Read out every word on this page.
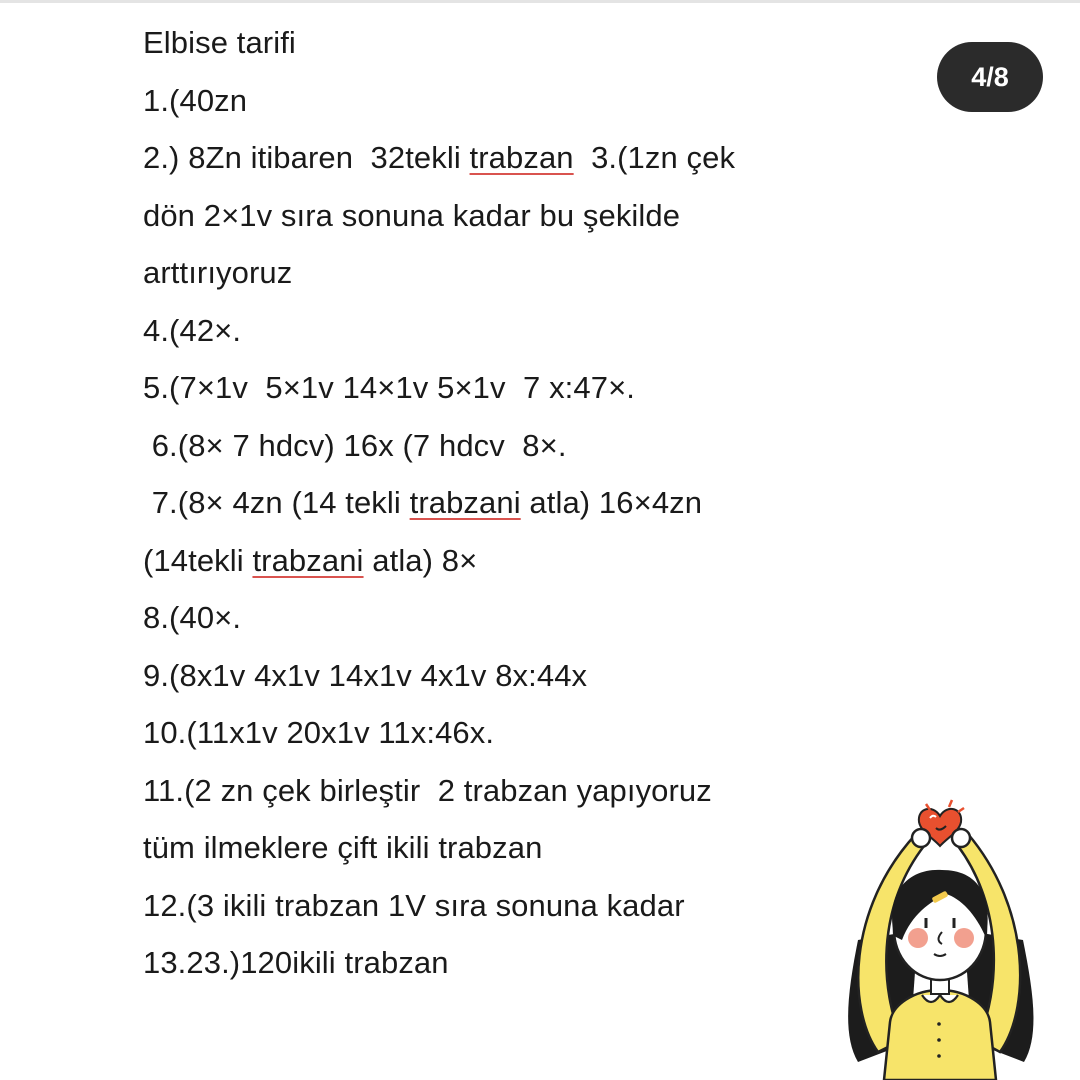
Elbise tarifi
1.(40zn
2.) 8Zn itibaren  32tekli trabzan  3.(1zn çek
dön 2×1v sıra sonuna kadar bu şekilde
arttırıyoruz
4.(42×.
5.(7×1v  5×1v 14×1v 5×1v  7 x:47×.
6.(8× 7 hdcv) 16x (7 hdcv  8×.
7.(8× 4zn (14 tekli trabzani atla) 16×4zn
(14tekli trabzani atla) 8×
8.(40×.
9.(8x1v 4x1v 14x1v 4x1v 8x:44x
10.(11x1v 20x1v 11x:46x.
11.(2 zn çek birleştir  2 trabzan yapıyoruz
tüm ilmeklere çift ikili trabzan
12.(3 ikili trabzan 1V sıra sonuna kadar
13.23.)120ikili trabzan
4/8
